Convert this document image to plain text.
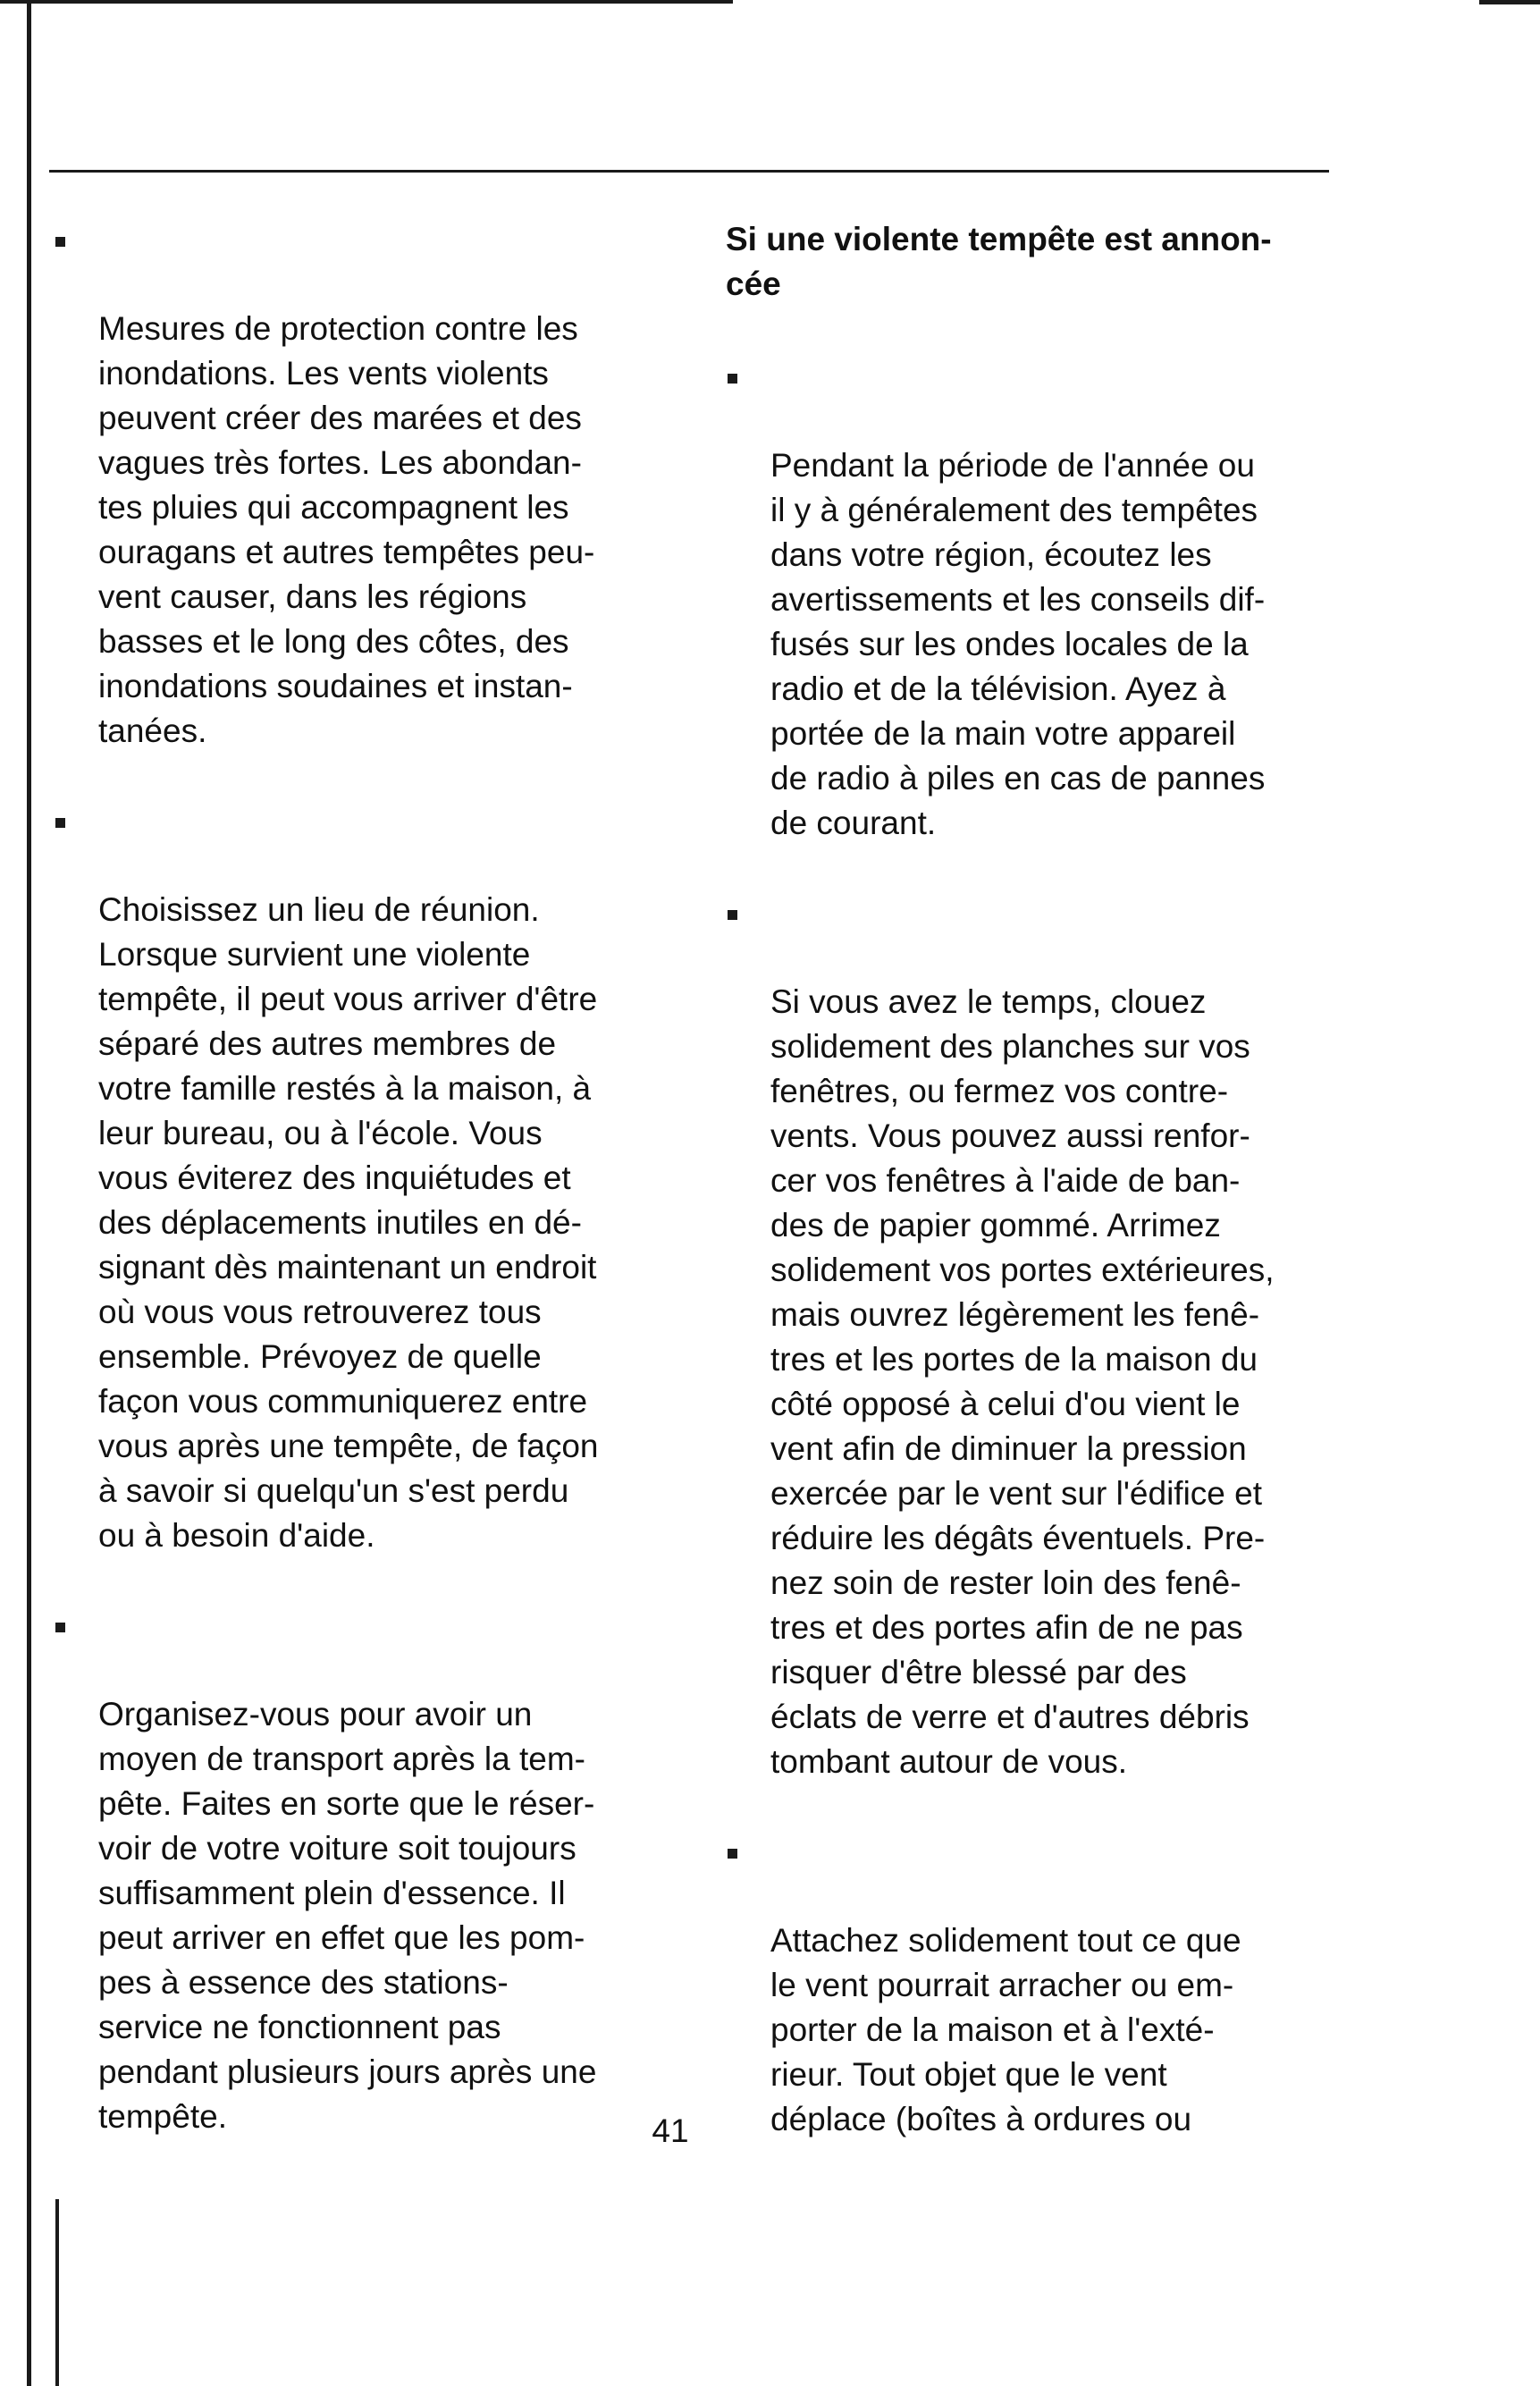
Mesures de protection contre les
inondations. Les vents violents
peuvent créer des marées et des
vagues très fortes. Les abondan-
tes pluies qui accompagnent les
ouragans et autres tempêtes peu-
vent causer, dans les régions
basses et le long des côtes, des
inondations soudaines et instan-
tanées.

Choisissez un lieu de réunion.
Lorsque survient une violente
tempête, il peut vous arriver d'être
séparé des autres membres de
votre famille restés à la maison, à
leur bureau, ou à l'école. Vous
vous éviterez des inquiétudes et
des déplacements inutiles en dé-
signant dès maintenant un endroit
où vous vous retrouverez tous
ensemble. Prévoyez de quelle
façon vous communiquerez entre
vous après une tempête, de façon
à savoir si quelqu'un s'est perdu
ou à besoin d'aide.

Organisez-vous pour avoir un
moyen de transport après la tem-
pête. Faites en sorte que le réser-
voir de votre voiture soit toujours
suffisamment plein d'essence. Il
peut arriver en effet que les pom-
pes à essence des stations-
service ne fonctionnent pas
pendant plusieurs jours après une
tempête.

Si une violente tempête est annon-
cée

Pendant la période de l'année ou
il y à généralement des tempêtes
dans votre région, écoutez les
avertissements et les conseils dif-
fusés sur les ondes locales de la
radio et de la télévision. Ayez à
portée de la main votre appareil
de radio à piles en cas de pannes
de courant.

Si vous avez le temps, clouez
solidement des planches sur vos
fenêtres, ou fermez vos contre-
vents. Vous pouvez aussi renfor-
cer vos fenêtres à l'aide de ban-
des de papier gommé. Arrimez
solidement vos portes extérieures,
mais ouvrez légèrement les fenê-
tres et les portes de la maison du
côté opposé à celui d'ou vient le
vent afin de diminuer la pression
exercée par le vent sur l'édifice et
réduire les dégâts éventuels. Pre-
nez soin de rester loin des fenê-
tres et des portes afin de ne pas
risquer d'être blessé par des
éclats de verre et d'autres débris
tombant autour de vous.

Attachez solidement tout ce que
le vent pourrait arracher ou em-
porter de la maison et à l'exté-
rieur. Tout objet que le vent
déplace (boîtes à ordures ou

41
